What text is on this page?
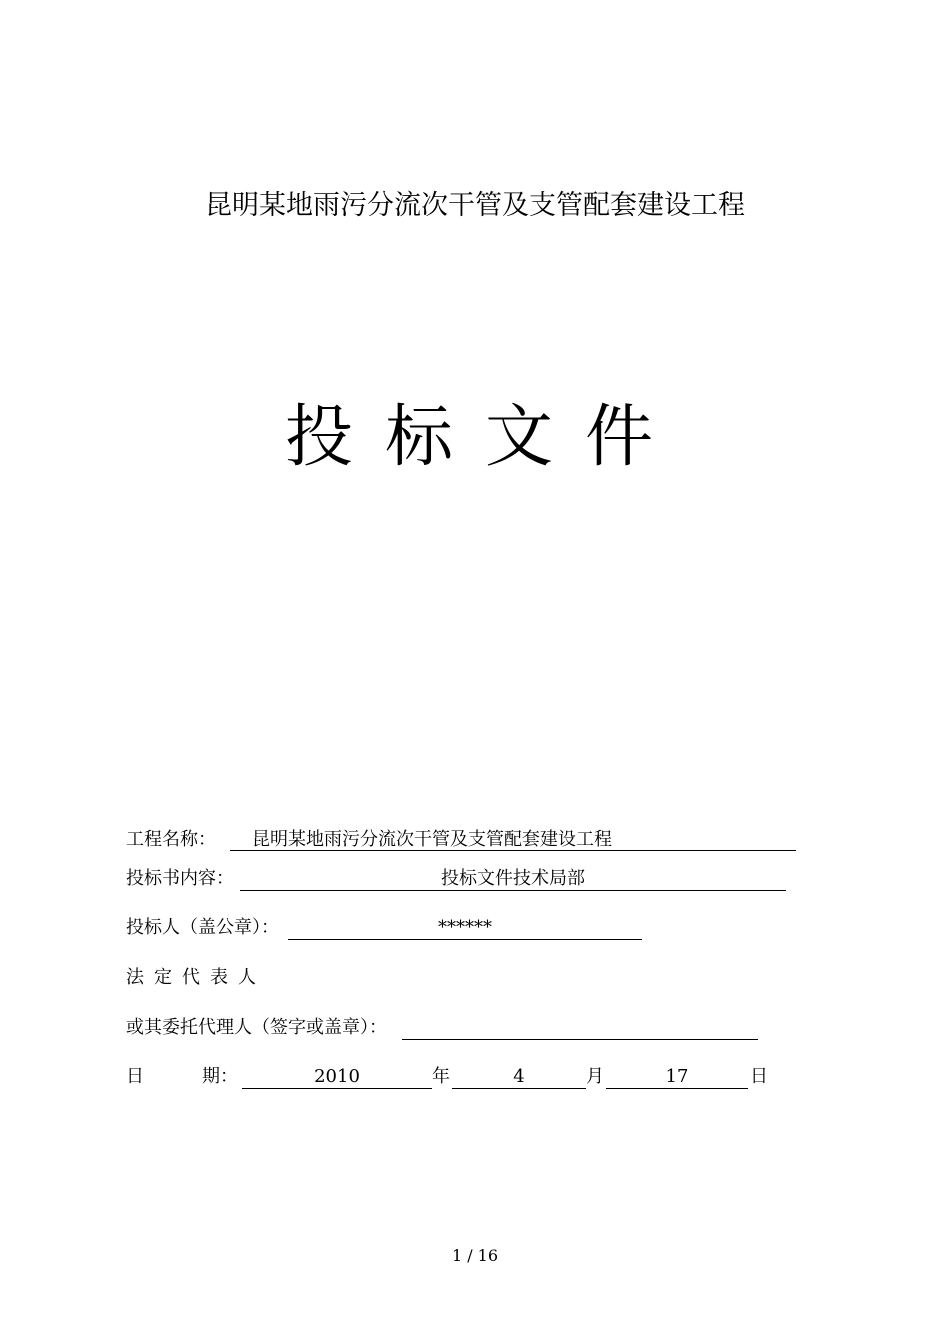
昆明某地雨污分流次干管及支管配套建设工程
投 标 文 件
工程名称：	昆明某地雨污分流次干管及支管配套建设工程
投标书内容：	投标文件技术局部
投标人（盖公章）：	******
法定代表人
或其委托代理人（签字或盖章）：
日	期：	2010	年	4	月	17	日
1 / 16
